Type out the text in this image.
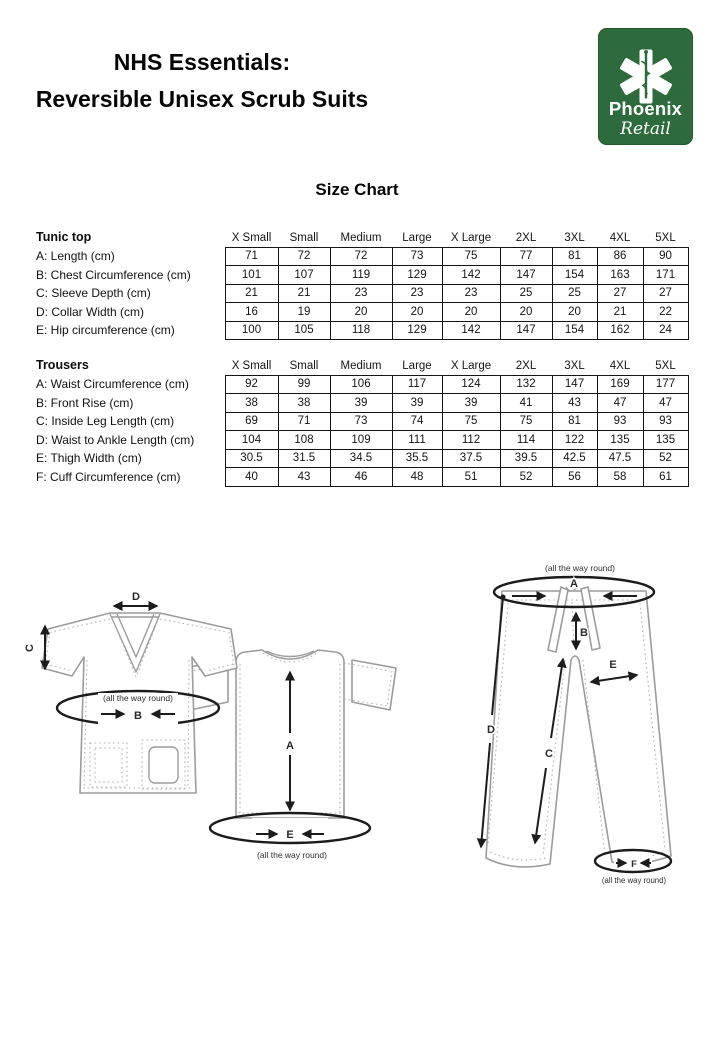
NHS Essentials:
Reversible Unisex Scrub Suits	Phoenix
Retail
Size Chart
Tunic top	X Small	Small	Medium	Large	X Large	2XL	3XL	4XL	5XL
A: Length (cm)	71	72	72	73	75	77	81	86	90
B: Chest Circumference (cm)	101	107	119	129	142	147	154	163	171
C: Sleeve Depth (cm)	21	21	23	23	23	25	25	27	27
D: Collar Width (cm)	16	19	20	20	20	20	20	21	22
E: Hip circumference (cm)	100	105	118	129	142	147	154	162	24
Trousers	X Small	Small	Medium	Large	X Large	2XL	3XL	4XL	5XL
A: Waist Circumference (cm)	92	99	106	117	124	132	147	169	177
B: Front Rise (cm)	38	38	39	39	39	41	43	47	47
C: Inside Leg Length (cm)	69	71	73	74	75	75	81	93	93
D: Waist to Ankle Length (cm)	104	108	109	111	112	114	122	135	135
E: Thigh Width (cm)	30.5	31.5	34.5	35.5	37.5	39.5	42.5	47.5	52
F: Cuff Circumference (cm)	40	43	46	48	51	52	56	58	61
A
E
(all the way round)
D
C
(all the way round)
B
(all the way round)
A
B
E
C
D
F
(all the way round)
